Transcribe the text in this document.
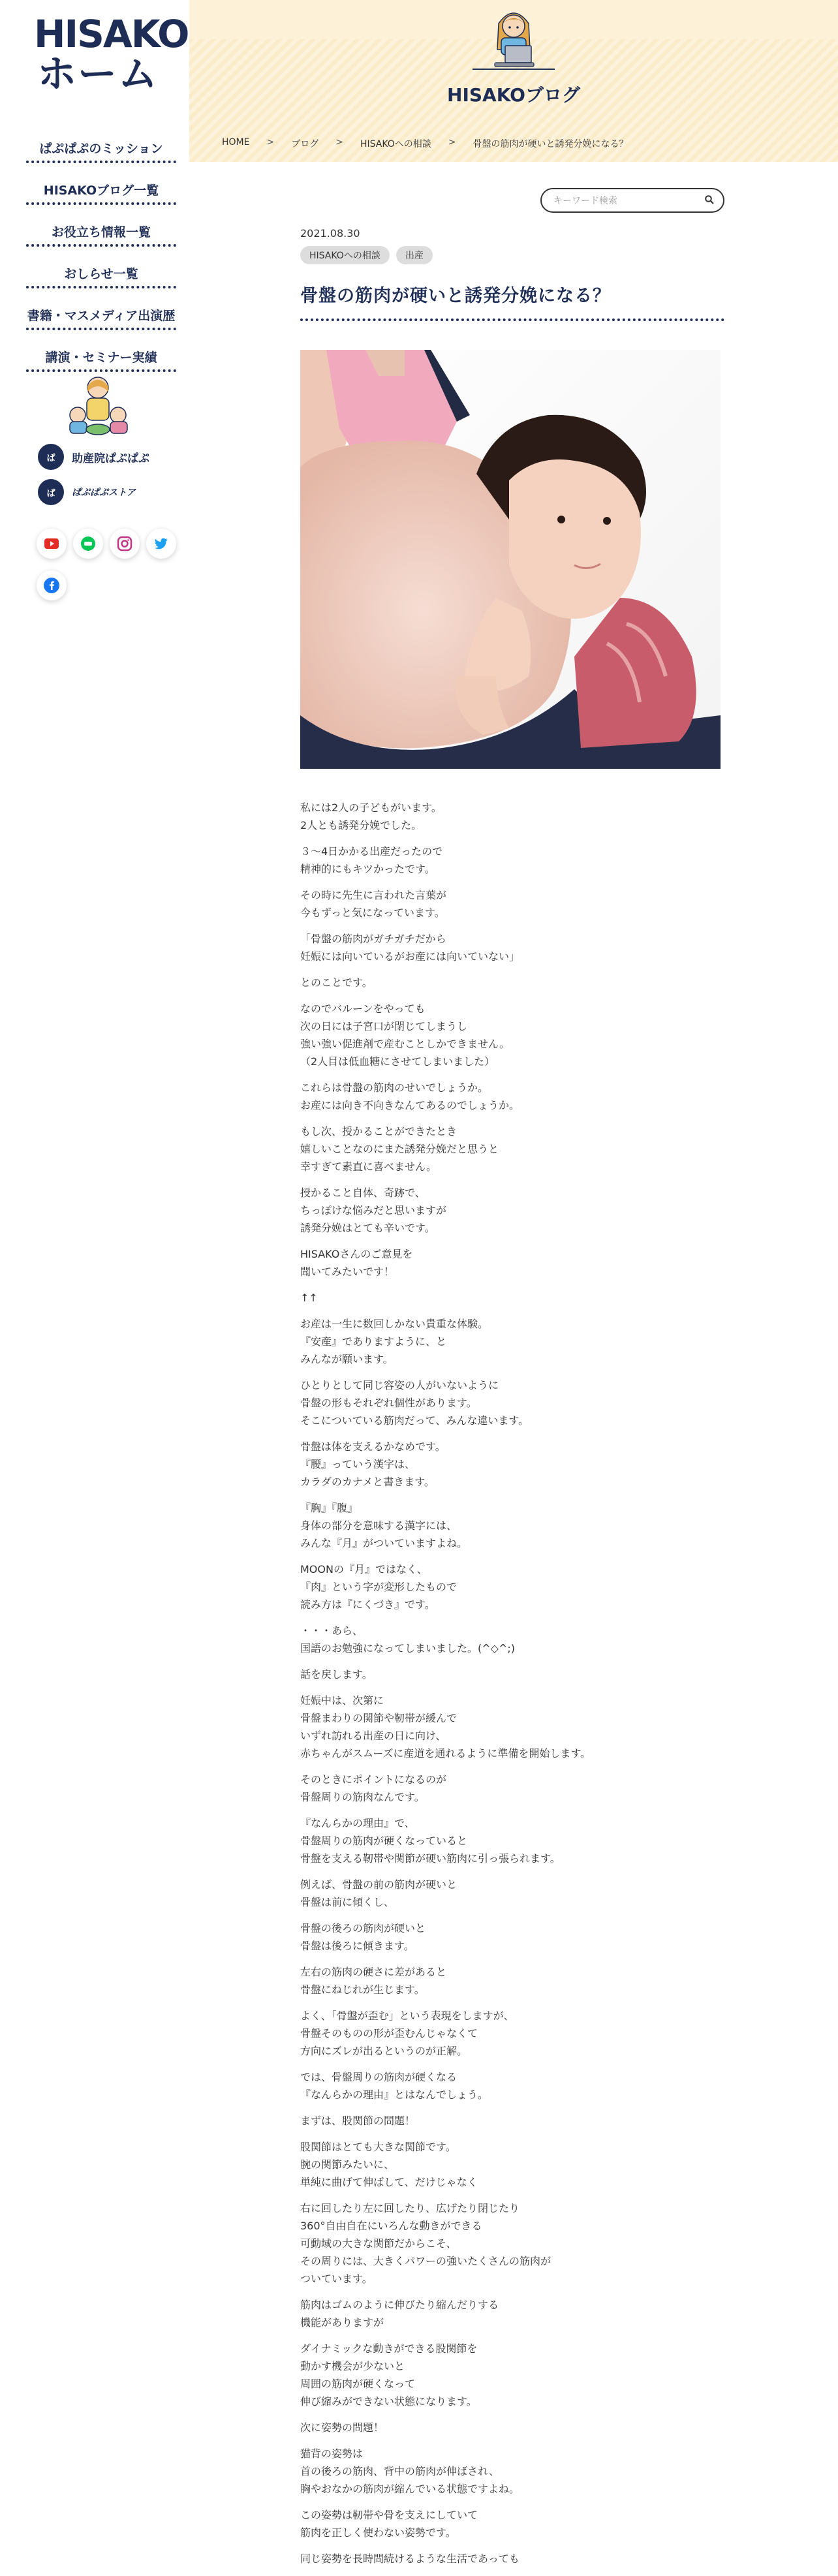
HISAKO
ホーム
ぱぷぱぷのミッション
HISAKOブログ一覧
お役立ち情報一覧
おしらせ一覧
書籍・マスメディア出演歴
講演・セミナー実績
ぱ	助産院ぱぷぱぷ
ぱ	ぱぷぱぷストア
HISAKOブログ
HOME > ブログ > HISAKOへの相談 > 骨盤の筋肉が硬いと誘発分娩になる？
キーワード検索
2021.08.30
HISAKOへの相談	出産
骨盤の筋肉が硬いと誘発分娩になる？

私には2人の子どもがいます。
2人とも誘発分娩でした。

３〜4日かかる出産だったので
精神的にもキツかったです。

その時に先生に言われた言葉が
今もずっと気になっています。

「骨盤の筋肉がガチガチだから
妊娠には向いているがお産には向いていない」

とのことです。

なのでバルーンをやっても
次の日には子宮口が閉じてしまうし
強い強い促進剤で産むことしかできません。
（2人目は低血糖にさせてしまいました）

これらは骨盤の筋肉のせいでしょうか。
お産には向き不向きなんてあるのでしょうか。

もし次、授かることができたとき
嬉しいことなのにまた誘発分娩だと思うと
幸すぎて素直に喜べません。

授かること自体、奇跡で、
ちっぽけな悩みだと思いますが
誘発分娩はとても辛いです。

HISAKOさんのご意見を
聞いてみたいです！

↑↑

お産は一生に数回しかない貴重な体験。
『安産』でありますように、と
みんなが願います。

ひとりとして同じ容姿の人がいないように
骨盤の形もそれぞれ個性があります。
そこについている筋肉だって、みんな違います。

骨盤は体を支えるかなめです。
『腰』っていう漢字は、
カラダのカナメと書きます。

『胸』『腹』
身体の部分を意味する漢字には、
みんな『月』がついていますよね。

MOONの『月』ではなく、
『肉』という字が変形したもので
読み方は『にくづき』です。

・・・あら、
国語のお勉強になってしまいました。(^◇^;)

話を戻します。

妊娠中は、次第に
骨盤まわりの関節や靭帯が緩んで
いずれ訪れる出産の日に向け、
赤ちゃんがスムーズに産道を通れるように準備を開始します。

そのときにポイントになるのが
骨盤周りの筋肉なんです。

『なんらかの理由』で、
骨盤周りの筋肉が硬くなっていると
骨盤を支える靭帯や関節が硬い筋肉に引っ張られます。

例えば、骨盤の前の筋肉が硬いと
骨盤は前に傾くし、

骨盤の後ろの筋肉が硬いと
骨盤は後ろに傾きます。

左右の筋肉の硬さに差があると
骨盤にねじれが生じます。

よく、「骨盤が歪む」という表現をしますが、
骨盤そのものの形が歪むんじゃなくて
方向にズレが出るというのが正解。

では、骨盤周りの筋肉が硬くなる
『なんらかの理由』とはなんでしょう。

まずは、股関節の問題！

股関節はとても大きな関節です。
腕の関節みたいに、
単純に曲げて伸ばして、だけじゃなく

右に回したり左に回したり、広げたり閉じたり
360°自由自在にいろんな動きができる
可動域の大きな関節だからこそ、
その周りには、大きくパワーの強いたくさんの筋肉が
ついています。

筋肉はゴムのように伸びたり縮んだりする
機能がありますが

ダイナミックな動きができる股関節を
動かす機会が少ないと
周囲の筋肉が硬くなって
伸び縮みができない状態になります。

次に姿勢の問題！

猫背の姿勢は
首の後ろの筋肉、背中の筋肉が伸ばされ、
胸やおなかの筋肉が縮んでいる状態ですよね。

この姿勢は靭帯や骨を支えにしていて
筋肉を正しく使わない姿勢です。

同じ姿勢を長時間続けるような生活であっても
